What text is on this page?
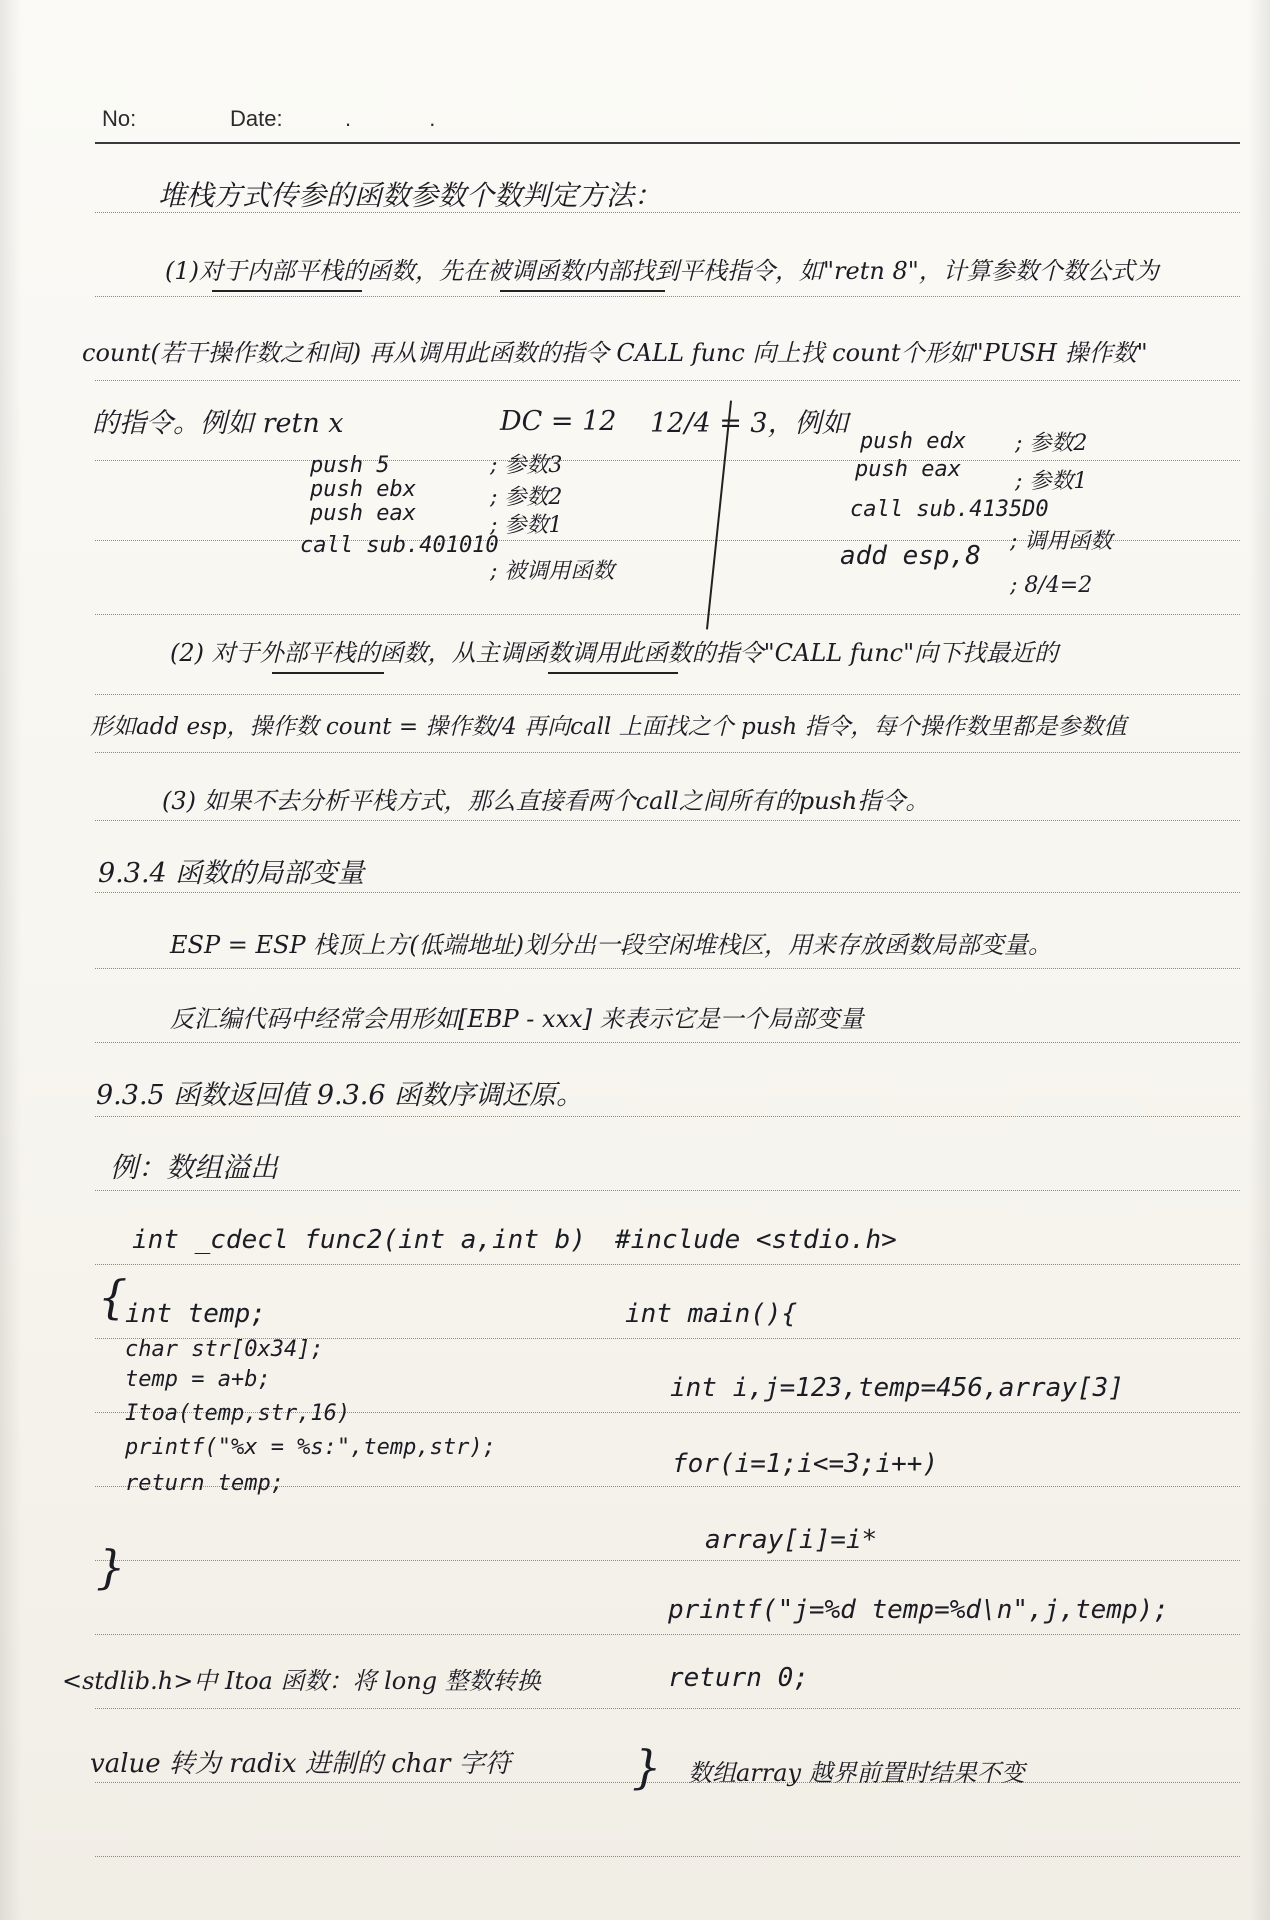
No:	Date:	. .
堆栈方式传参的函数参数个数判定方法：
(1)对于内部平栈的函数，先在被调函数内部找到平栈指令，如"retn 8"，计算参数个数公式为
count(若干操作数之和间) 再从调用此函数的指令 CALL func 向上找 count个形如"PUSH 操作数"
的指令。例如 retn x	DC = 12 12/4 = 3，例如
push 5
push ebx
push eax
call sub.401010
; 参数3
; 参数2
; 参数1
; 被调用函数
push edx
push eax
call sub.4135D0
add esp,8
; 参数2
; 参数1
; 调用函数
; 8/4=2
(2) 对于外部平栈的函数，从主调函数调用此函数的指令"CALL func"向下找最近的
形如add esp，操作数 count = 操作数/4 再向call 上面找之个 push 指令，每个操作数里都是参数值
(3) 如果不去分析平栈方式，那么直接看两个call之间所有的push指令。
9.3.4 函数的局部变量
ESP = ESP 栈顶上方(低端地址)划分出一段空闲堆栈区，用来存放函数局部变量。
反汇编代码中经常会用形如[EBP - xxx] 来表示它是一个局部变量
9.3.5 函数返回值 9.3.6 函数序调还原。
例：数组溢出
int _cdecl func2(int a,int b)
{
int temp;
char str[0x34];
temp = a+b;
Itoa(temp,str,16)
printf("%x = %s:",temp,str);
return temp;
}
#include <stdio.h>
int main(){
int i,j=123,temp=456,array[3]
for(i=1;i<=3;i++)
array[i]=i*
printf("j=%d temp=%d\n",j,temp);
return 0;
}
<stdlib.h>中 Itoa 函数：将 long 整数转换
value 转为 radix 进制的 char 字符	数组array 越界前置时结果不变
